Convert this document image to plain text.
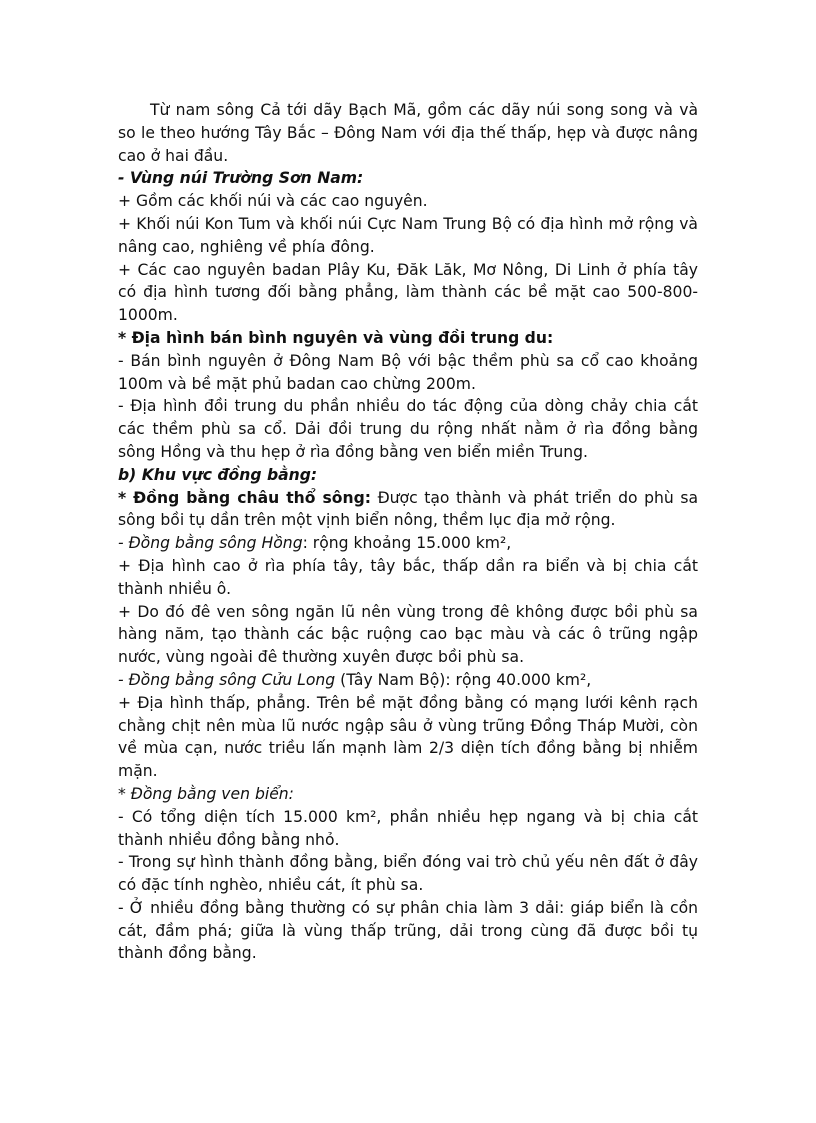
Từ nam sông Cả tới dãy Bạch Mã, gồm các dãy núi song song và và so le theo hướng Tây Bắc – Đông Nam với địa thế thấp, hẹp và được nâng cao ở hai đầu.

- Vùng núi Trường Sơn Nam:

+ Gồm các khối núi và các cao nguyên.

+ Khối núi Kon Tum và khối núi Cực Nam Trung Bộ có địa hình mở rộng và nâng cao, nghiêng về phía đông.

+ Các cao nguyên badan Plây Ku, Đăk Lăk, Mơ Nông, Di Linh ở phía tây có địa hình tương đối bằng phẳng, làm thành các bề mặt cao 500-800-1000m.

* Địa hình bán bình nguyên và vùng đồi trung du:

- Bán bình nguyên ở Đông Nam Bộ với bậc thềm phù sa cổ cao khoảng 100m và bề mặt phủ badan cao chừng 200m.

- Địa hình đồi trung du phần nhiều do tác động của dòng chảy chia cắt các thềm phù sa cổ. Dải đồi trung du rộng nhất nằm ở rìa đồng bằng sông Hồng và thu hẹp ở rìa đồng bằng ven biển miền Trung.

b) Khu vực đồng bằng:

* Đồng bằng châu thổ sông: Được tạo thành và phát triển do phù sa sông bồi tụ dần trên một vịnh biển nông, thềm lục địa mở rộng.

- Đồng bằng sông Hồng: rộng khoảng 15.000 km²,

+ Địa hình cao ở rìa phía tây, tây bắc, thấp dần ra biển và bị chia cắt thành nhiều ô.

+ Do đó đê ven sông ngăn lũ nên vùng trong đê không được bồi phù sa hàng năm, tạo thành các bậc ruộng cao bạc màu và các ô trũng ngập nước, vùng ngoài đê thường xuyên được bồi phù sa.

- Đồng bằng sông Cửu Long (Tây Nam Bộ): rộng 40.000 km²,

+ Địa hình thấp, phẳng. Trên bề mặt đồng bằng có mạng lưới kênh rạch chằng chịt nên mùa lũ nước ngập sâu ở vùng trũng Đồng Tháp Mười, còn về mùa cạn, nước triều lấn mạnh làm 2/3 diện tích đồng bằng bị nhiễm mặn.

* Đồng bằng ven biển:

- Có tổng diện tích 15.000 km², phần nhiều hẹp ngang và bị chia cắt thành nhiều đồng bằng nhỏ.

- Trong sự hình thành đồng bằng, biển đóng vai trò chủ yếu nên đất ở đây có đặc tính nghèo, nhiều cát, ít phù sa.

- Ở nhiều đồng bằng thường có sự phân chia làm 3 dải: giáp biển là cồn cát, đầm phá; giữa là vùng thấp trũng, dải trong cùng đã được bồi tụ thành đồng bằng.
